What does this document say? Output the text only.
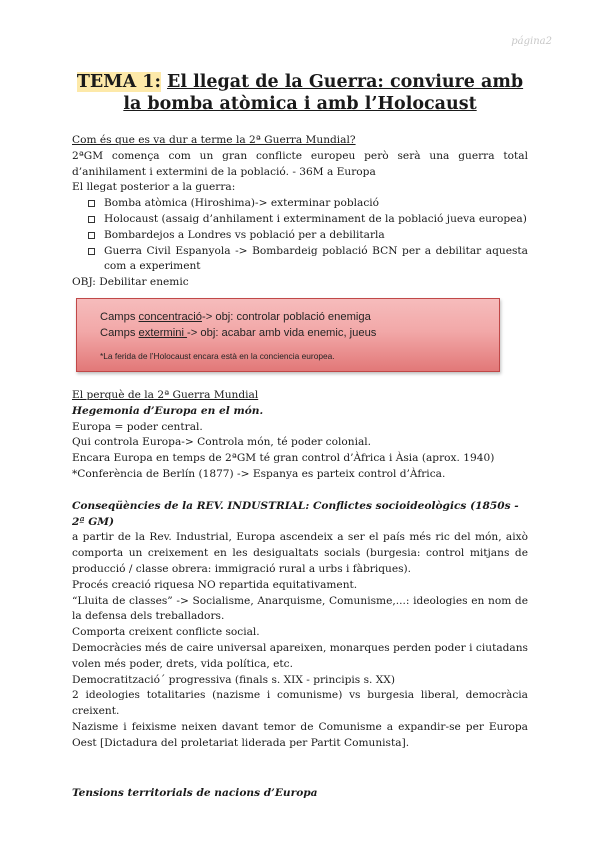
página2
TEMA 1: El llegat de la Guerra: conviure amb la bomba atòmica i amb l’Holocaust

Com és que es va dur a terme la 2ª Guerra Mundial?

2ªGM comença com un gran conflicte europeu però serà una guerra total d’anihilament i extermini de la població. - 36M a Europa

El llegat posterior a la guerra:

Bomba atòmica (Hiroshima)-> exterminar població
Holocaust (assaig d’anhilament i exterminament de la població jueva europea)
Bombardejos a Londres vs població per a debilitarla
Guerra Civil Espanyola -> Bombardeig població BCN per a debilitar aquesta com a experiment

OBJ: Debilitar enemic

Camps concentració-> obj: controlar població enemiga
Camps extermini -> obj: acabar amb vida enemic, jueus
*La ferida de l’Holocaust encara està en la conciencia europea.

El perquè de la 2ª Guerra Mundial

Hegemonia d’Europa en el món.

Europa = poder central.

Qui controla Europa-> Controla món, té poder colonial.

Encara Europa en temps de 2ªGM té gran control d’Àfrica i Àsia (aprox. 1940)

*Conferència de Berlín (1877) -> Espanya es parteix control d’Àfrica.

Conseqüències de la REV. INDUSTRIAL: Conflictes socioideològics (1850s - 2ª GM)

a partir de la Rev. Industrial, Europa ascendeix a ser el país més ric del món, això comporta un creixement en les desigualtats socials (burgesia: control mitjans de producció / classe obrera: immigració rural a urbs i fàbriques).

Procés creació riquesa NO repartida equitativament.

“Lluita de classes” -> Socialisme, Anarquisme, Comunisme,...: ideologies en nom de la defensa dels treballadors.

Comporta creixent conflicte social.

Democràcies més de caire universal apareixen, monarques perden poder i ciutadans volen més poder, drets, vida política, etc.

Democratització´ progressiva (finals s. XIX - principis s. XX)

2 ideologies totalitaries (nazisme i comunisme) vs burgesia liberal, democràcia creixent.

Nazisme i feixisme neixen davant temor de Comunisme a expandir-se per Europa Oest [Dictadura del proletariat liderada per Partit Comunista].

Tensions territorials de nacions d’Europa
